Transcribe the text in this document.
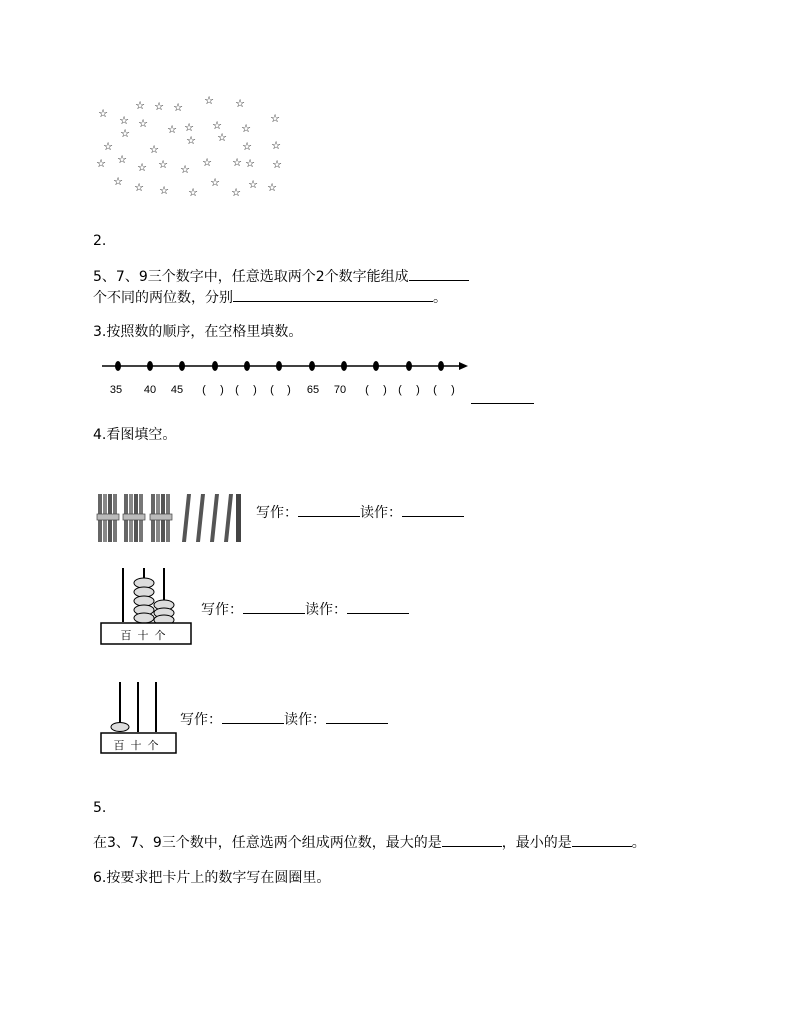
☆
☆
☆ ☆ ☆
☆
☆ ☆
☆
☆
☆
☆
☆
☆
☆
☆ ☆
☆ ☆
☆ ☆
☆ ☆ ☆
☆
☆
☆ ☆ ☆
☆ ☆ ☆ ☆
☆
☆
☆ ☆
2.
5、7、9三个数字中，任意选取两个2个数字能组成
个不同的两位数，分别	。
3.按照数的顺序，在空格里填数。
35 40 45	(	)	(	)	(	)	65 70	(	)	(	)	(	)
4.看图填空。
写作：	读作：
百十个
写作：	读作：
百十个
写作：	读作：
5.
在3、7、9三个数中，任意选两个组成两位数，最大的是	，最小的是	。
6.按要求把卡片上的数字写在圆圈里。
